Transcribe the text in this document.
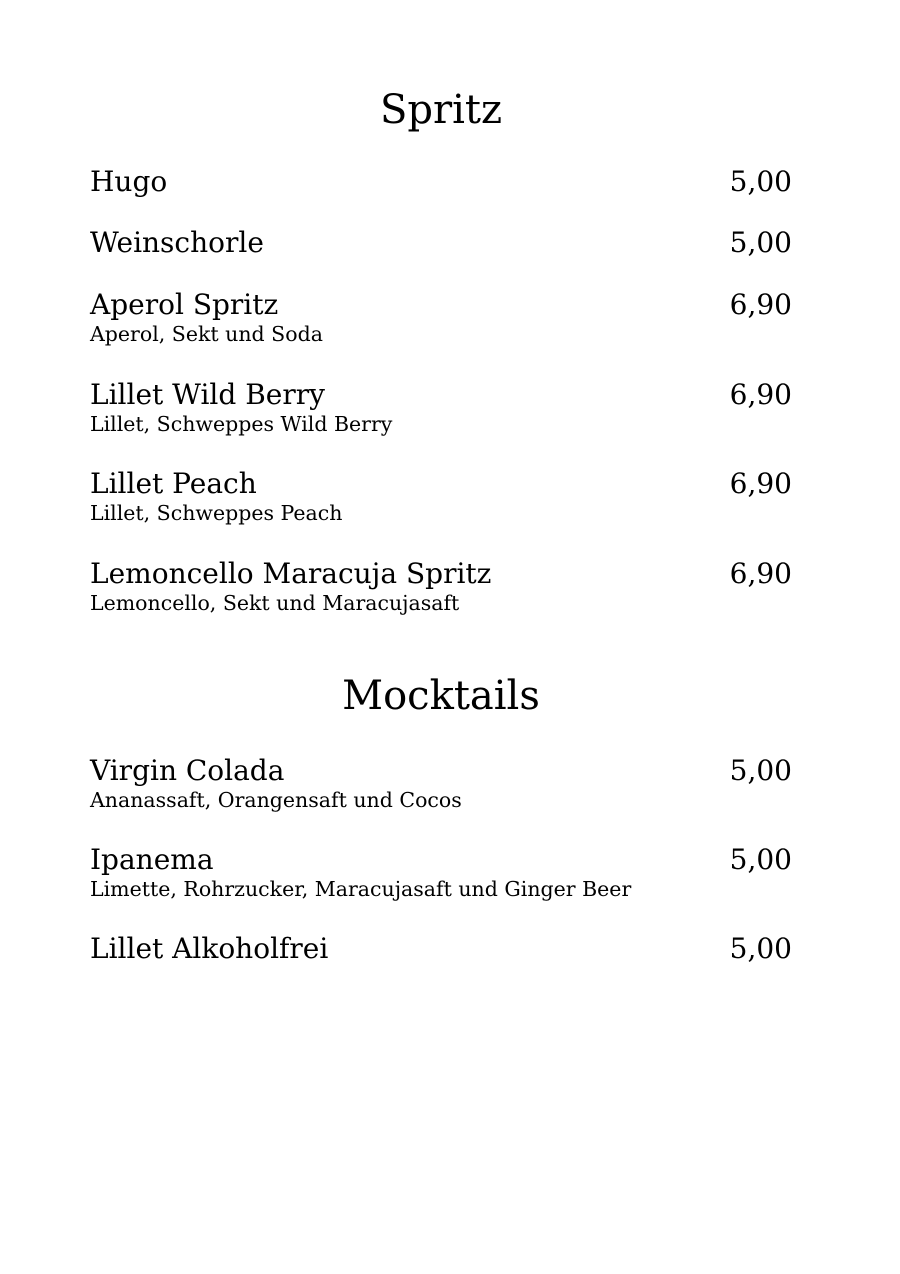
Spritz
Hugo	5,00
Weinschorle	5,00
Aperol Spritz	6,90
Aperol, Sekt und Soda
Lillet Wild Berry	6,90
Lillet, Schweppes Wild Berry
Lillet Peach	6,90
Lillet, Schweppes Peach
Lemoncello Maracuja Spritz	6,90
Lemoncello, Sekt und Maracujasaft
Mocktails
Virgin Colada	5,00
Ananassaft, Orangensaft und Cocos
Ipanema	5,00
Limette, Rohrzucker, Maracujasaft und Ginger Beer
Lillet Alkoholfrei	5,00
